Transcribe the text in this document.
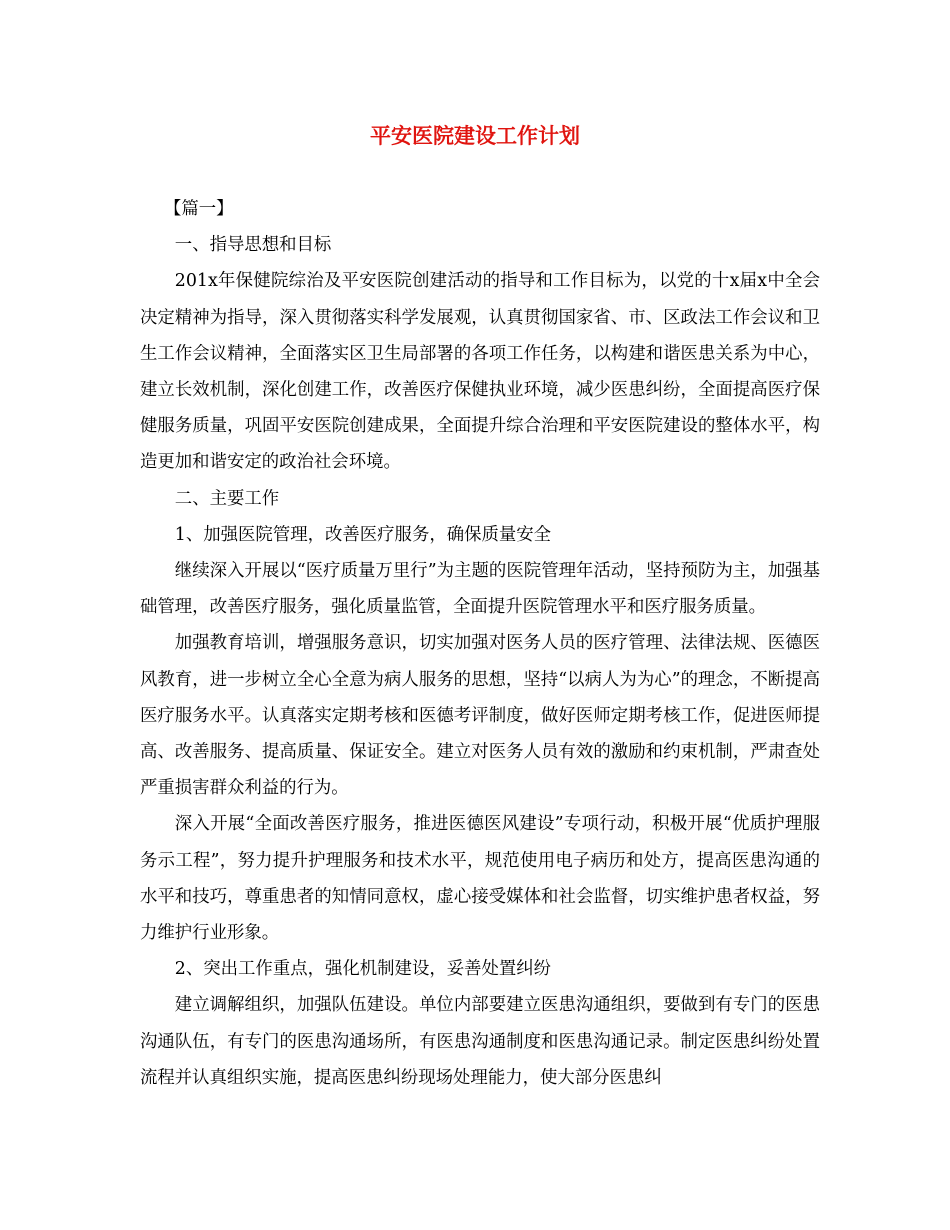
平安医院建设工作计划

【篇一】

一、指导思想和目标

201x年保健院综治及平安医院创建活动的指导和工作目标为，以党的十x届x中全会决定精神为指导，深入贯彻落实科学发展观，认真贯彻国家省、市、区政法工作会议和卫生工作会议精神，全面落实区卫生局部署的各项工作任务，以构建和谐医患关系为中心，建立长效机制，深化创建工作，改善医疗保健执业环境，减少医患纠纷，全面提高医疗保健服务质量，巩固平安医院创建成果，全面提升综合治理和平安医院建设的整体水平，构造更加和谐安定的政治社会环境。

二、主要工作

1、加强医院管理，改善医疗服务，确保质量安全

继续深入开展以“医疗质量万里行”为主题的医院管理年活动，坚持预防为主，加强基础管理，改善医疗服务，强化质量监管，全面提升医院管理水平和医疗服务质量。

加强教育培训，增强服务意识，切实加强对医务人员的医疗管理、法律法规、医德医风教育，进一步树立全心全意为病人服务的思想，坚持“以病人为为心”的理念，不断提高医疗服务水平。认真落实定期考核和医德考评制度，做好医师定期考核工作，促进医师提高、改善服务、提高质量、保证安全。建立对医务人员有效的激励和约束机制，严肃查处严重损害群众利益的行为。

深入开展“全面改善医疗服务，推进医德医风建设”专项行动，积极开展“优质护理服务示工程”，努力提升护理服务和技术水平，规范使用电子病历和处方，提高医患沟通的水平和技巧，尊重患者的知情同意权，虚心接受媒体和社会监督，切实维护患者权益，努力维护行业形象。

2、突出工作重点，强化机制建设，妥善处置纠纷

建立调解组织，加强队伍建设。单位内部要建立医患沟通组织，要做到有专门的医患沟通队伍，有专门的医患沟通场所，有医患沟通制度和医患沟通记录。制定医患纠纷处置流程并认真组织实施，提高医患纠纷现场处理能力，使大部分医患纠
